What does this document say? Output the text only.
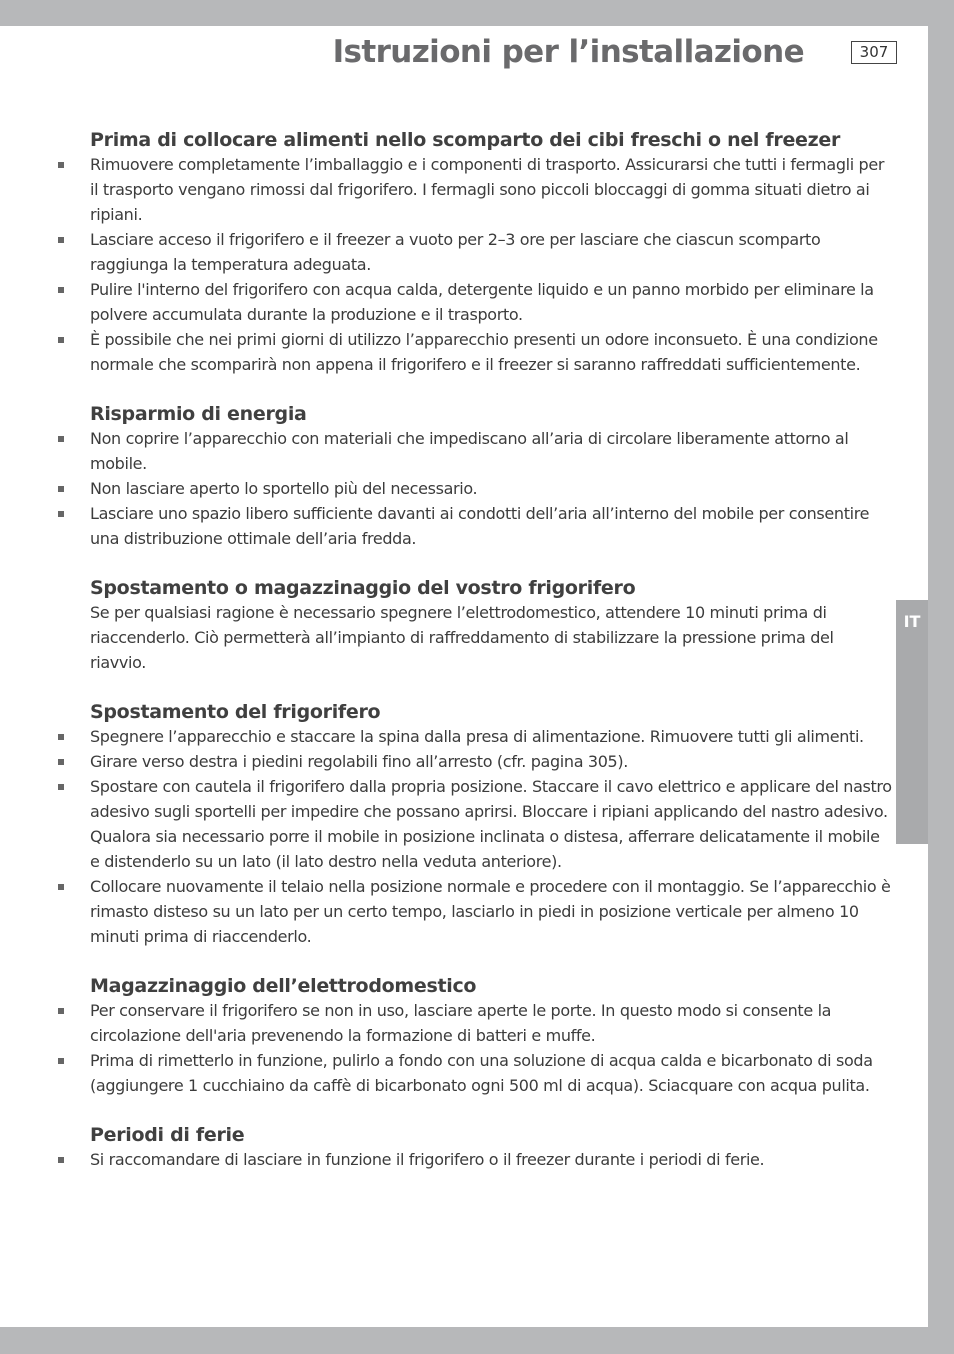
Istruzioni per l’installazione	307
IT
Prima di collocare alimenti nello scomparto dei cibi freschi o nel freezer
Rimuovere completamente l’imballaggio e i componenti di trasporto. Assicurarsi che tutti i fermagli per il trasporto vengano rimossi dal frigorifero. I fermagli sono piccoli bloccaggi di gomma situati dietro ai ripiani.
Lasciare acceso il frigorifero e il freezer a vuoto per 2–3 ore per lasciare che ciascun scomparto raggiunga la temperatura adeguata.
Pulire l'interno del frigorifero con acqua calda, detergente liquido e un panno morbido per eliminare la polvere accumulata durante la produzione e il trasporto.
È possibile che nei primi giorni di utilizzo l’apparecchio presenti un odore inconsueto. È una condizione normale che scomparirà non appena il frigorifero e il freezer si saranno raffreddati sufficientemente.
Risparmio di energia
Non coprire l’apparecchio con materiali che impediscano all’aria di circolare liberamente attorno al mobile.
Non lasciare aperto lo sportello più del necessario.
Lasciare uno spazio libero sufficiente davanti ai condotti dell’aria all’interno del mobile per consentire una distribuzione ottimale dell’aria fredda.
Spostamento o magazzinaggio del vostro frigorifero

Se per qualsiasi ragione è necessario spegnere l’elettrodomestico, attendere 10 minuti prima di riaccenderlo. Ciò permetterà all’impianto di raffreddamento di stabilizzare la pressione prima del riavvio.

Spostamento del frigorifero
Spegnere l’apparecchio e staccare la spina dalla presa di alimentazione. Rimuovere tutti gli alimenti.
Girare verso destra i piedini regolabili fino all’arresto (cfr. pagina 305).
Spostare con cautela il frigorifero dalla propria posizione. Staccare il cavo elettrico e applicare del nastro adesivo sugli sportelli per impedire che possano aprirsi. Bloccare i ripiani applicando del nastro adesivo. Qualora sia necessario porre il mobile in posizione inclinata o distesa, afferrare delicatamente il mobile e distenderlo su un lato (il lato destro nella veduta anteriore).
Collocare nuovamente il telaio nella posizione normale e procedere con il montaggio. Se l’apparecchio è rimasto disteso su un lato per un certo tempo, lasciarlo in piedi in posizione verticale per almeno 10 minuti prima di riaccenderlo.
Magazzinaggio dell’elettrodomestico
Per conservare il frigorifero se non in uso, lasciare aperte le porte. In questo modo si consente la circolazione dell'aria prevenendo la formazione di batteri e muffe.
Prima di rimetterlo in funzione, pulirlo a fondo con una soluzione di acqua calda e bicarbonato di soda (aggiungere 1 cucchiaino da caffè di bicarbonato ogni 500 ml di acqua). Sciacquare con acqua pulita.
Periodi di ferie
Si raccomandare di lasciare in funzione il frigorifero o il freezer durante i periodi di ferie.
